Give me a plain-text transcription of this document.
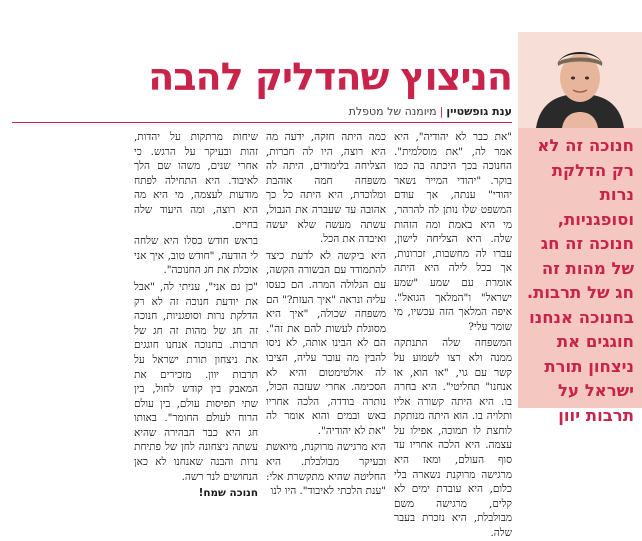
חנוכה זה לא רק הדלקת נרות וסופגניות, חנוכה זה חג של מהות זה חג של תרבות. בחנוכה אנחנו חוגגים את ניצחון תורת ישראל על תרבות יוון
הניצוץ שהדליק להבה
ענת גופשטיין|מיומנה של מטפלת

"את כבר לא יהודיה", היא אמר לה, "את מוסלמית". החנוכה בכך היכתה בה כמו בוקר. "יהודי המייר נשאר יהודי" ענתה, אך עודם המשפט שלו נותן לה להרהר, מי היא באמת ומה הזהות שלה. היא הצליחה לישון, עברו לה מחשבות, זכרונות, אך בכל לילה היא היתה אומרת עם שמע "שמע ישראל" ו"המלאך הגואל". איפה המלאך הזה עכשיו, מי שומר עלי?

המשפחה שלה התנתקה ממנה ולא רצו לשמוע על קשר עם גוי, "או הוא, או אנחנו" תחליטי". היא בחרה בו. היא היתה קשורה אליו ותלויה בו. הוא היתה מנותקת לוחצת לו תמוכה, אפילו על עצמה. היא הלכה אחריו עד סוף העולם, ומאז היא מרגישה מרוקנת נשארה בלי כלום, היא עובדת ימים לא קלים, מרגישה משם מבולבלת, היא נזכרת בעבר שלה.

כמה היתה חזקה, ידעה מה היא רוצה, היו לה חברות, הצליחה בלימודים, היתה לה משפחה חמה אוהבת ומלוכדת, היא היתה כל כך אהובה עד שעברה את הגבול, עשתה מעשה שלא יעשה ואיבדה את הכל.

היא ביקשה לא לדעת כיצד להתמודד עם הבשורה הקשה, עם הגלולה המרה. הם כעסו עליה ונראה "איך העזת?" הם משפחה שכולה, "איך היא מסוגלת לעשות להם את זה". הם לא הבינו אותה, לא ניסו להבין מה עובר עליה, הציבו לה אולטימטום והיא לא הסכימה. אחרי שעזבה הכול, נותרה בודדה, הלכה אחריו באש ובמים והוא אומר לה "את לא יהודיה".

היא מרגישה מרוקנת, מיואשת ובעיקר מבולבלת. היא החליטה שהיא מתקשרת אלי: "ענת הלכתי לאיבוד". היו לנו

שיחות מרתקות על יהדות, זהות ובעיקר על הרגש. כי אחרי שנים, משהו שם הלך לאיבוד. היא התחילה לפתח מודעות לעצמה, מי היא מה היא רוצה, ומה היעוד שלה בחיים.

בראש חודש כסלו היא שלחה לי הודעה, "חודש טוב, איך אני אוכלת את חג החנוכה".

"כן גם אני", עניתי לה, "אבל את יודעת חנוכה זה לא רק הדלקת נרות וסופגניות, חנוכה זה חג של מהות זה חג של תרבות. בחנוכה אנחנו חוגגים את ניצחון תורת ישראל על תרבות יוון. מזכירים את המאבק בין קודש לחול, בין שתי תפיסות עולם, בין עולם הרוח לעולם החומר". באותו חג היא כבר הבהירה שהיא עשתה ניצחונה לחן של פתיחת נרות והבנה שאנחנו לא כאן הנחושים לנר רשה.

חנוכה שמח!
